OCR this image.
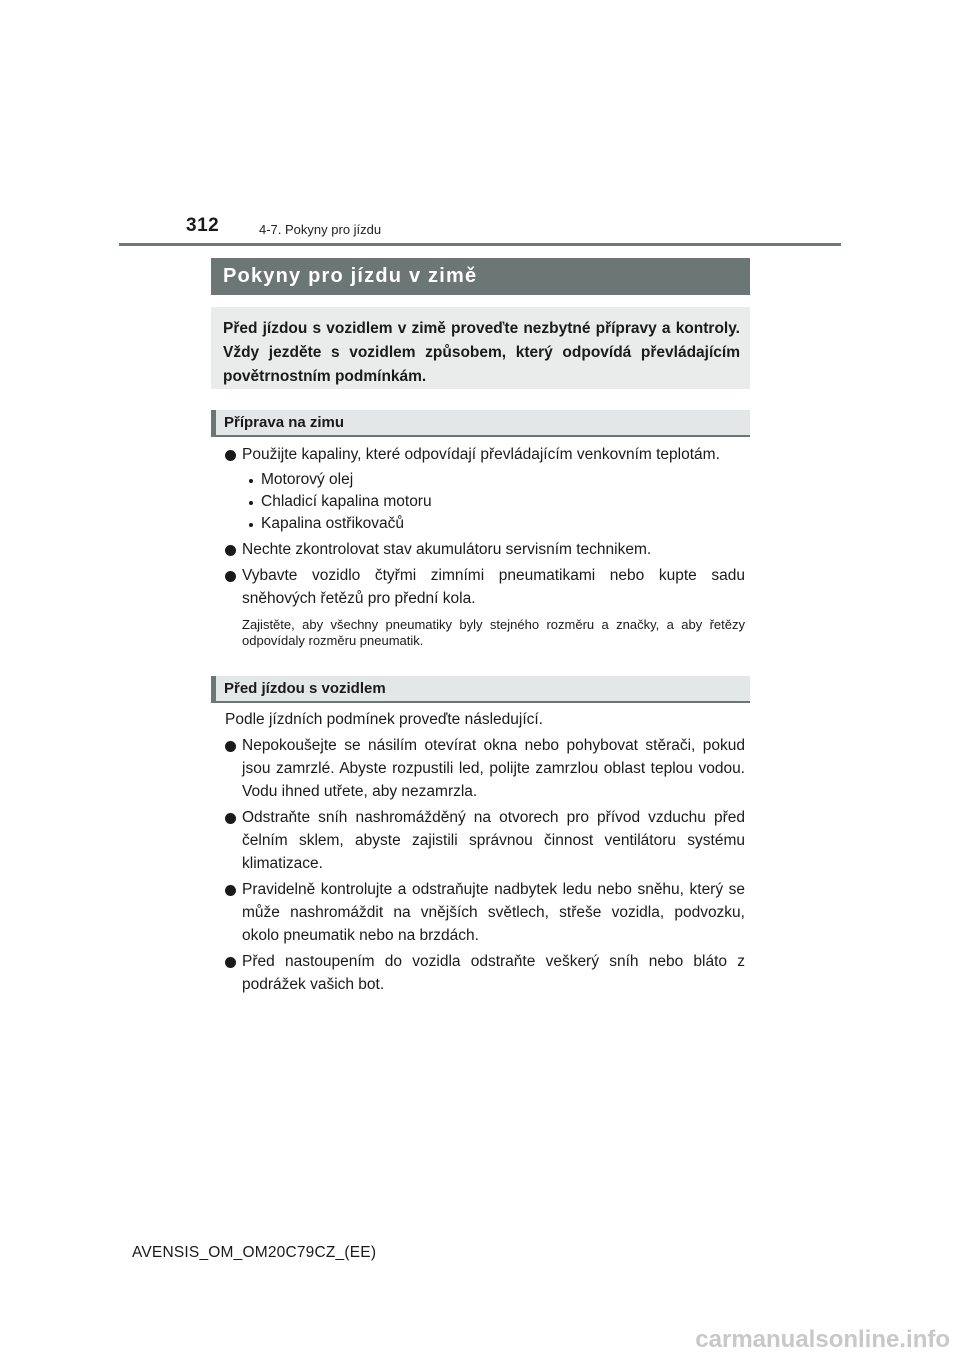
312	4-7. Pokyny pro jízdu
Pokyny pro jízdu v zimě
Před jízdou s vozidlem v zimě proveďte nezbytné přípravy a kontroly. Vždy jezděte s vozidlem způsobem, který odpovídá převládajícím povětrnostním podmínkám.
Příprava na zimu
Použijte kapaliny, které odpovídají převládajícím venkovním teplotám.
Motorový olej
Chladicí kapalina motoru
Kapalina ostřikovačů
Nechte zkontrolovat stav akumulátoru servisním technikem.
Vybavte vozidlo čtyřmi zimními pneumatikami nebo kupte sadu sněhových řetězů pro přední kola.
Zajistěte, aby všechny pneumatiky byly stejného rozměru a značky, a aby řetězy odpovídaly rozměru pneumatik.
Před jízdou s vozidlem
Podle jízdních podmínek proveďte následující.
Nepokoušejte se násilím otevírat okna nebo pohybovat stěrači, pokud jsou zamrzlé. Abyste rozpustili led, polijte zamrzlou oblast teplou vodou. Vodu ihned utřete, aby nezamrzla.
Odstraňte sníh nashromážděný na otvorech pro přívod vzduchu před čelním sklem, abyste zajistili správnou činnost ventilátoru systému klimatizace.
Pravidelně kontrolujte a odstraňujte nadbytek ledu nebo sněhu, který se může nashromáždit na vnějších světlech, střeše vozidla, podvozku, okolo pneumatik nebo na brzdách.
Před nastoupením do vozidla odstraňte veškerý sníh nebo bláto z podrážek vašich bot.
AVENSIS_OM_OM20C79CZ_(EE)
carmanualsonline.info
